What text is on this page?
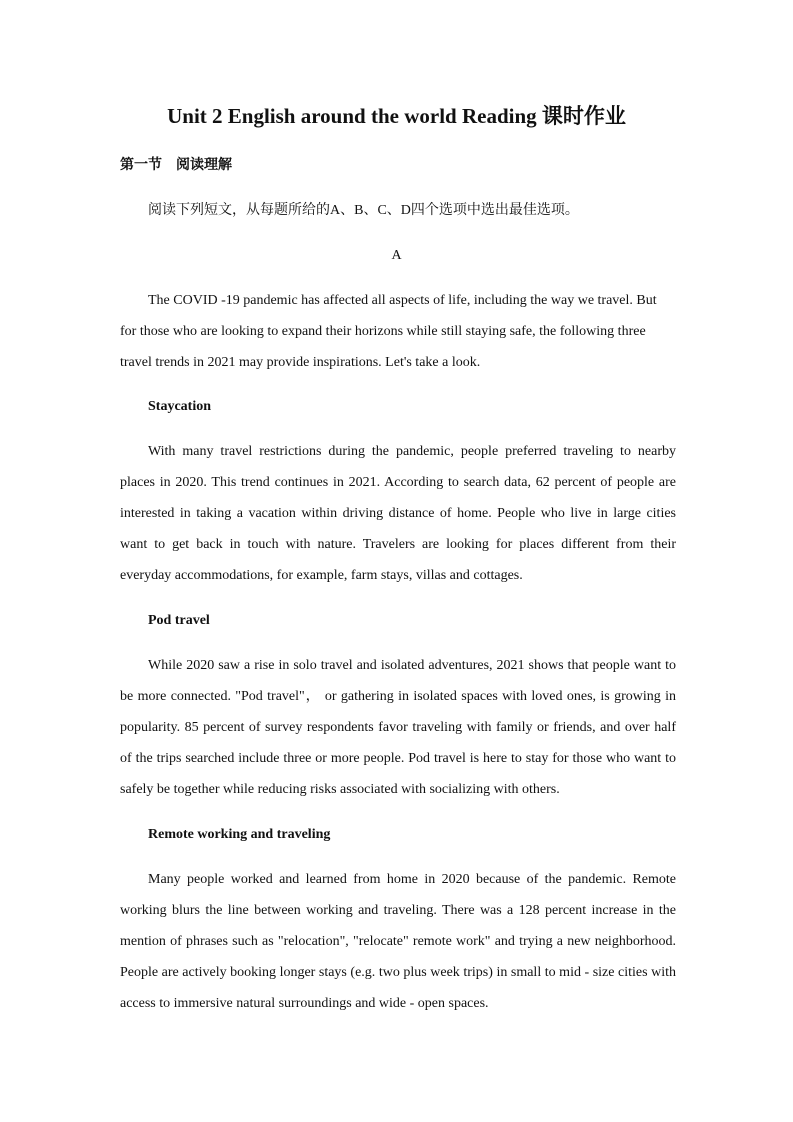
Unit 2 English around the world Reading 课时作业
第一节　阅读理解
阅读下列短文，从每题所给的A、B、C、D四个选项中选出最佳选项。
A

The COVID -19 pandemic has affected all aspects of life, including the way we travel. But for those who are looking to expand their horizons while still staying safe, the following three travel trends in 2021 may provide inspirations. Let's take a look.

Staycation

With many travel restrictions during the pandemic, people preferred traveling to nearby places in 2020. This trend continues in 2021. According to search data, 62 percent of people are interested in taking a vacation within driving distance of home. People who live in large cities want to get back in touch with nature. Travelers are looking for places different from their everyday accommodations, for example, farm stays, villas and cottages.

Pod travel

While 2020 saw a rise in solo travel and isolated adventures, 2021 shows that people want to be more connected. "Pod travel"， or gathering in isolated spaces with loved ones, is growing in popularity. 85 percent of survey respondents favor traveling with family or friends, and over half of the trips searched include three or more people. Pod travel is here to stay for those who want to safely be together while reducing risks associated with socializing with others.

Remote working and traveling

Many people worked and learned from home in 2020 because of the pandemic. Remote working blurs the line between working and traveling. There was a 128 percent increase in the mention of phrases such as "relocation", "relocate" remote work" and trying a new neighborhood. People are actively booking longer stays (e.g. two plus week trips) in small to mid - size cities with access to immersive natural surroundings and wide - open spaces.
